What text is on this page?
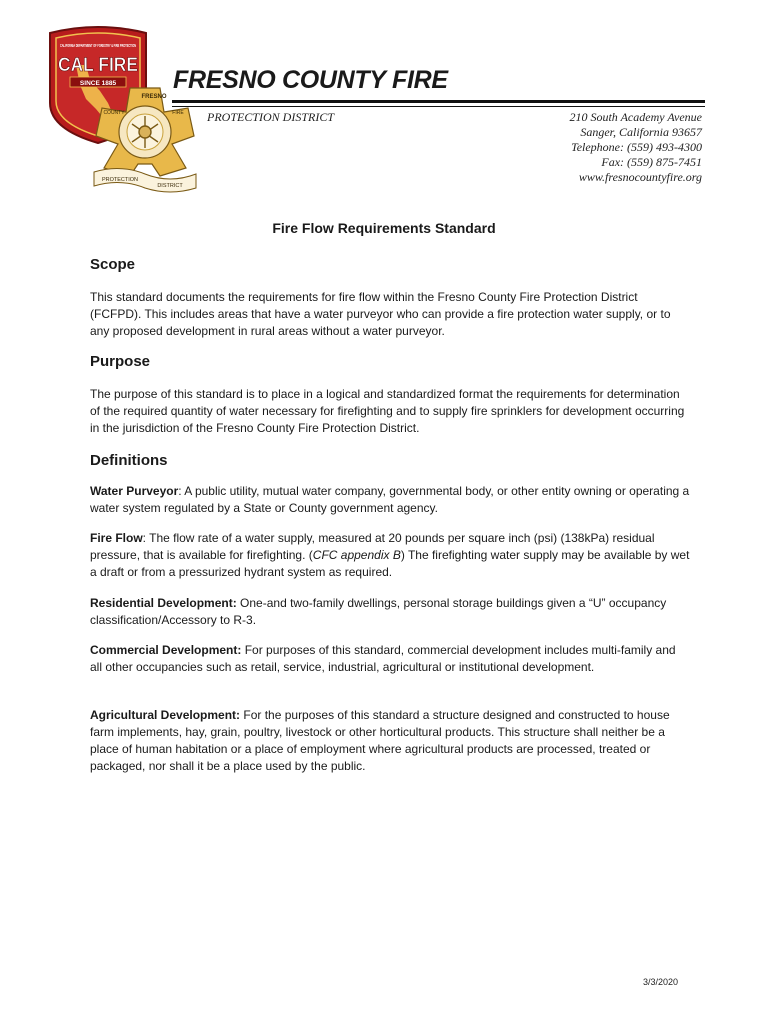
CALIFORNIA DEPARTMENT OF FORESTRY & FIRE PROTECTION
CAL FIRE
SINCE 1885
FRESNO
COUNTY	FIRE
PROTECTION
DISTRICT
FRESNO COUNTY FIRE
PROTECTION DISTRICT	210 South Academy Avenue
Sanger, California 93657
Telephone: (559) 493-4300
Fax: (559) 875-7451
www.fresnocountyfire.org
Fire Flow Requirements Standard
Scope

This standard documents the requirements for fire flow within the Fresno County Fire Protection District (FCFPD). This includes areas that have a water purveyor who can provide a fire protection water supply, or to any proposed development in rural areas without a water purveyor.

Purpose

The purpose of this standard is to place in a logical and standardized format the requirements for determination of the required quantity of water necessary for firefighting and to supply fire sprinklers for development occurring in the jurisdiction of the Fresno County Fire Protection District.

Definitions

Water Purveyor: A public utility, mutual water company, governmental body, or other entity owning or operating a water system regulated by a State or County government agency.

Fire Flow: The flow rate of a water supply, measured at 20 pounds per square inch (psi) (138kPa) residual pressure, that is available for firefighting. (CFC appendix B) The firefighting water supply may be available by wet a draft or from a pressurized hydrant system as required.

Residential Development: One-and two-family dwellings, personal storage buildings given a “U” occupancy classification/Accessory to R-3.

Commercial Development: For purposes of this standard, commercial development includes multi-family and all other occupancies such as retail, service, industrial, agricultural or institutional development.

Agricultural Development: For the purposes of this standard a structure designed and constructed to house farm implements, hay, grain, poultry, livestock or other horticultural products. This structure shall neither be a place of human habitation or a place of employment where agricultural products are processed, treated or packaged, nor shall it be a place used by the public.

3/3/2020
